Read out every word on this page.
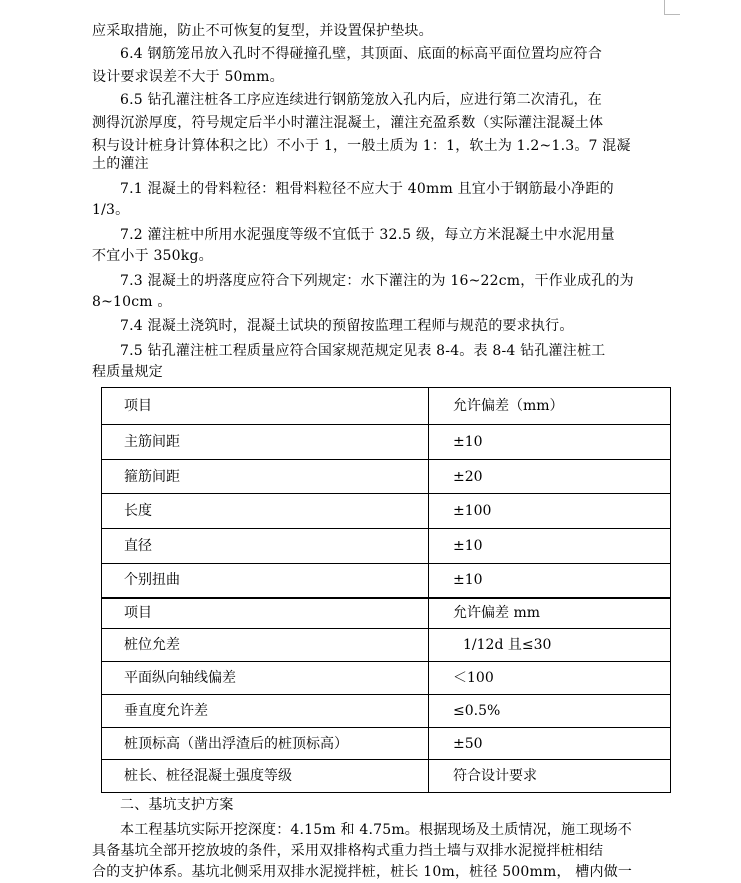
应采取措施，防止不可恢复的复型，并设置保护垫块。
6.4 钢筋笼吊放入孔时不得碰撞孔壁，其顶面、底面的标高平面位置均应符合
设计要求误差不大于 50mm。
6.5 钻孔灌注桩各工序应连续进行钢筋笼放入孔内后，应进行第二次清孔，在
测得沉淤厚度，符号规定后半小时灌注混凝土，灌注充盈系数（实际灌注混凝土体
积与设计桩身计算体积之比）不小于 1，一般土质为 1：1，软土为 1.2~1.3。7 混凝
土的灌注
7.1 混凝土的骨料粒径：粗骨料粒径不应大于 40mm 且宜小于钢筋最小净距的
1/3。
7.2 灌注桩中所用水泥强度等级不宜低于 32.5 级，每立方米混凝土中水泥用量
不宜小于 350kg。
7.3 混凝土的坍落度应符合下列规定：水下灌注的为 16~22cm，干作业成孔的为
8~10cm 。
7.4 混凝土浇筑时，混凝土试块的预留按监理工程师与规范的要求执行。
7.5 钻孔灌注桩工程质量应符合国家规范规定见表 8-4。表 8-4 钻孔灌注桩工
程质量规定
项目	允许偏差（mm）
主筋间距	±10
箍筋间距	±20
长度	±100
直径	±10
个别扭曲	±10
项目	允许偏差 mm
桩位允差	1/12d 且≤30
平面纵向轴线偏差	＜100
垂直度允许差	≤0.5%
桩顶标高（凿出浮渣后的桩顶标高）	±50
桩长、桩径混凝土强度等级	符合设计要求
二、基坑支护方案
本工程基坑实际开挖深度：4.15m 和 4.75m。根据现场及土质情况，施工现场不
具备基坑全部开挖放坡的条件，采用双排格构式重力挡土墙与双排水泥搅拌桩相结
合的支护体系。基坑北侧采用双排水泥搅拌桩，桩长 10m，桩径 500mm， 槽内做一
